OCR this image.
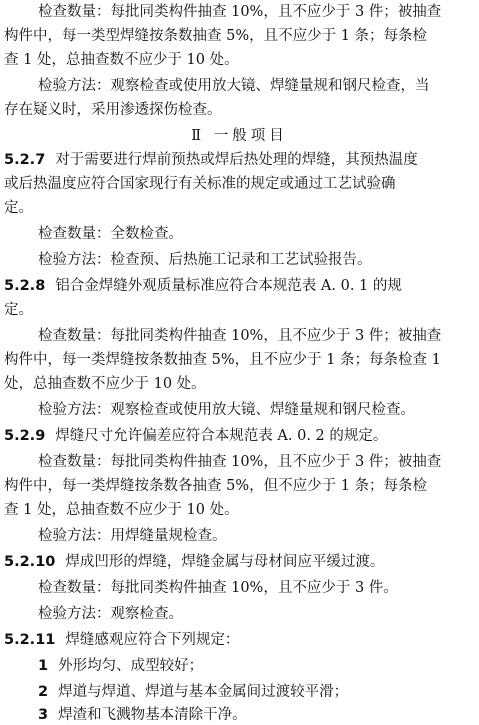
检查数量：每批同类构件抽查 10%，且不应少于 3 件；被抽查
构件中，每一类型焊缝按条数抽查 5%，且不应少于 1 条；每条检
查 1 处，总抽查数不应少于 10 处。
检验方法：观察检查或使用放大镜、焊缝量规和钢尺检查，当
存在疑义时，采用渗透探伤检查。
Ⅱ 一般项目
5.2.7 对于需要进行焊前预热或焊后热处理的焊缝，其预热温度
或后热温度应符合国家现行有关标准的规定或通过工艺试验确
定。
检查数量：全数检查。
检验方法：检查预、后热施工记录和工艺试验报告。
5.2.8 铝合金焊缝外观质量标准应符合本规范表 A. 0. 1 的规
定。
检查数量：每批同类构件抽查 10%，且不应少于 3 件；被抽查
构件中，每一类焊缝按条数抽查 5%，且不应少于 1 条；每条检查 1
处，总抽查数不应少于 10 处。
检验方法：观察检查或使用放大镜、焊缝量规和钢尺检查。
5.2.9 焊缝尺寸允许偏差应符合本规范表 A. 0. 2 的规定。
检查数量：每批同类构件抽查 10%，且不应少于 3 件；被抽查
构件中，每一类焊缝按条数各抽查 5%，但不应少于 1 条；每条检
查 1 处，总抽查数不应少于 10 处。
检验方法：用焊缝量规检查。
5.2.10 焊成凹形的焊缝，焊缝金属与母材间应平缓过渡。
检查数量：每批同类构件抽查 10%，且不应少于 3 件。
检验方法：观察检查。
5.2.11 焊缝感观应符合下列规定：
1 外形均匀、成型较好；
2 焊道与焊道、焊道与基本金属间过渡较平滑；
3 焊渣和飞溅物基本清除干净。
